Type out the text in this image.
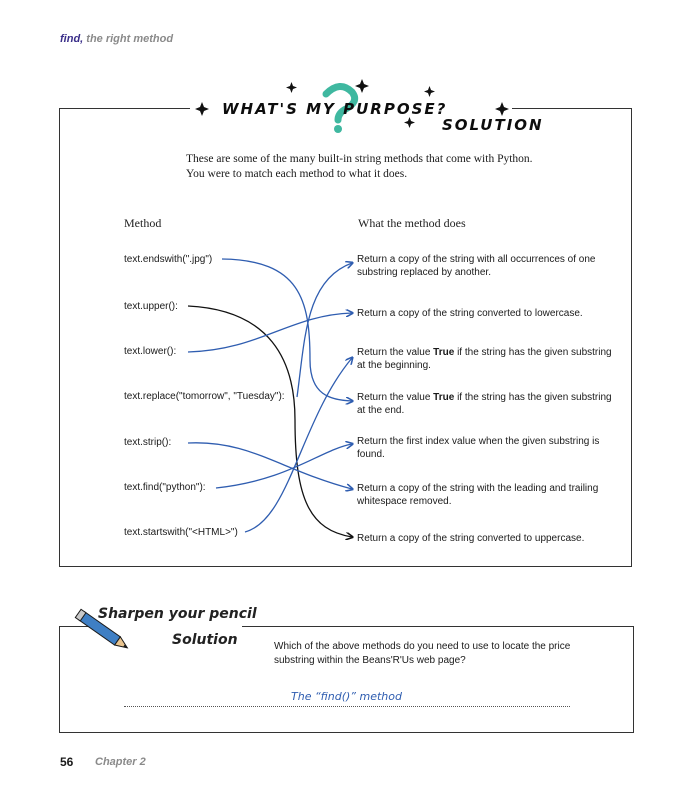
find, the right method
WHAT'S MY PURPOSE?
SOLUTION
These are some of the many built-in string methods that come with Python. You were to match each method to what it does.
Method	What the method does
text.endswith(".jpg")
text.upper():
text.lower():
text.replace("tomorrow", "Tuesday"):
text.strip():
text.find("python"):
text.startswith("<HTML>")
Return a copy of the string with all occurrences of one substring replaced by another.
Return a copy of the string converted to lowercase.
Return the value True if the string has the given substring at the beginning.
Return the value True if the string has the given substring at the end.
Return the first index value when the given substring is found.
Return a copy of the string with the leading and trailing whitespace removed.
Return a copy of the string converted to uppercase.
Sharpen your pencil
Solution	Which of the above methods do you need to use to locate the price substring within the Beans'R'Us web page?
The “find()” method
56 Chapter 2
